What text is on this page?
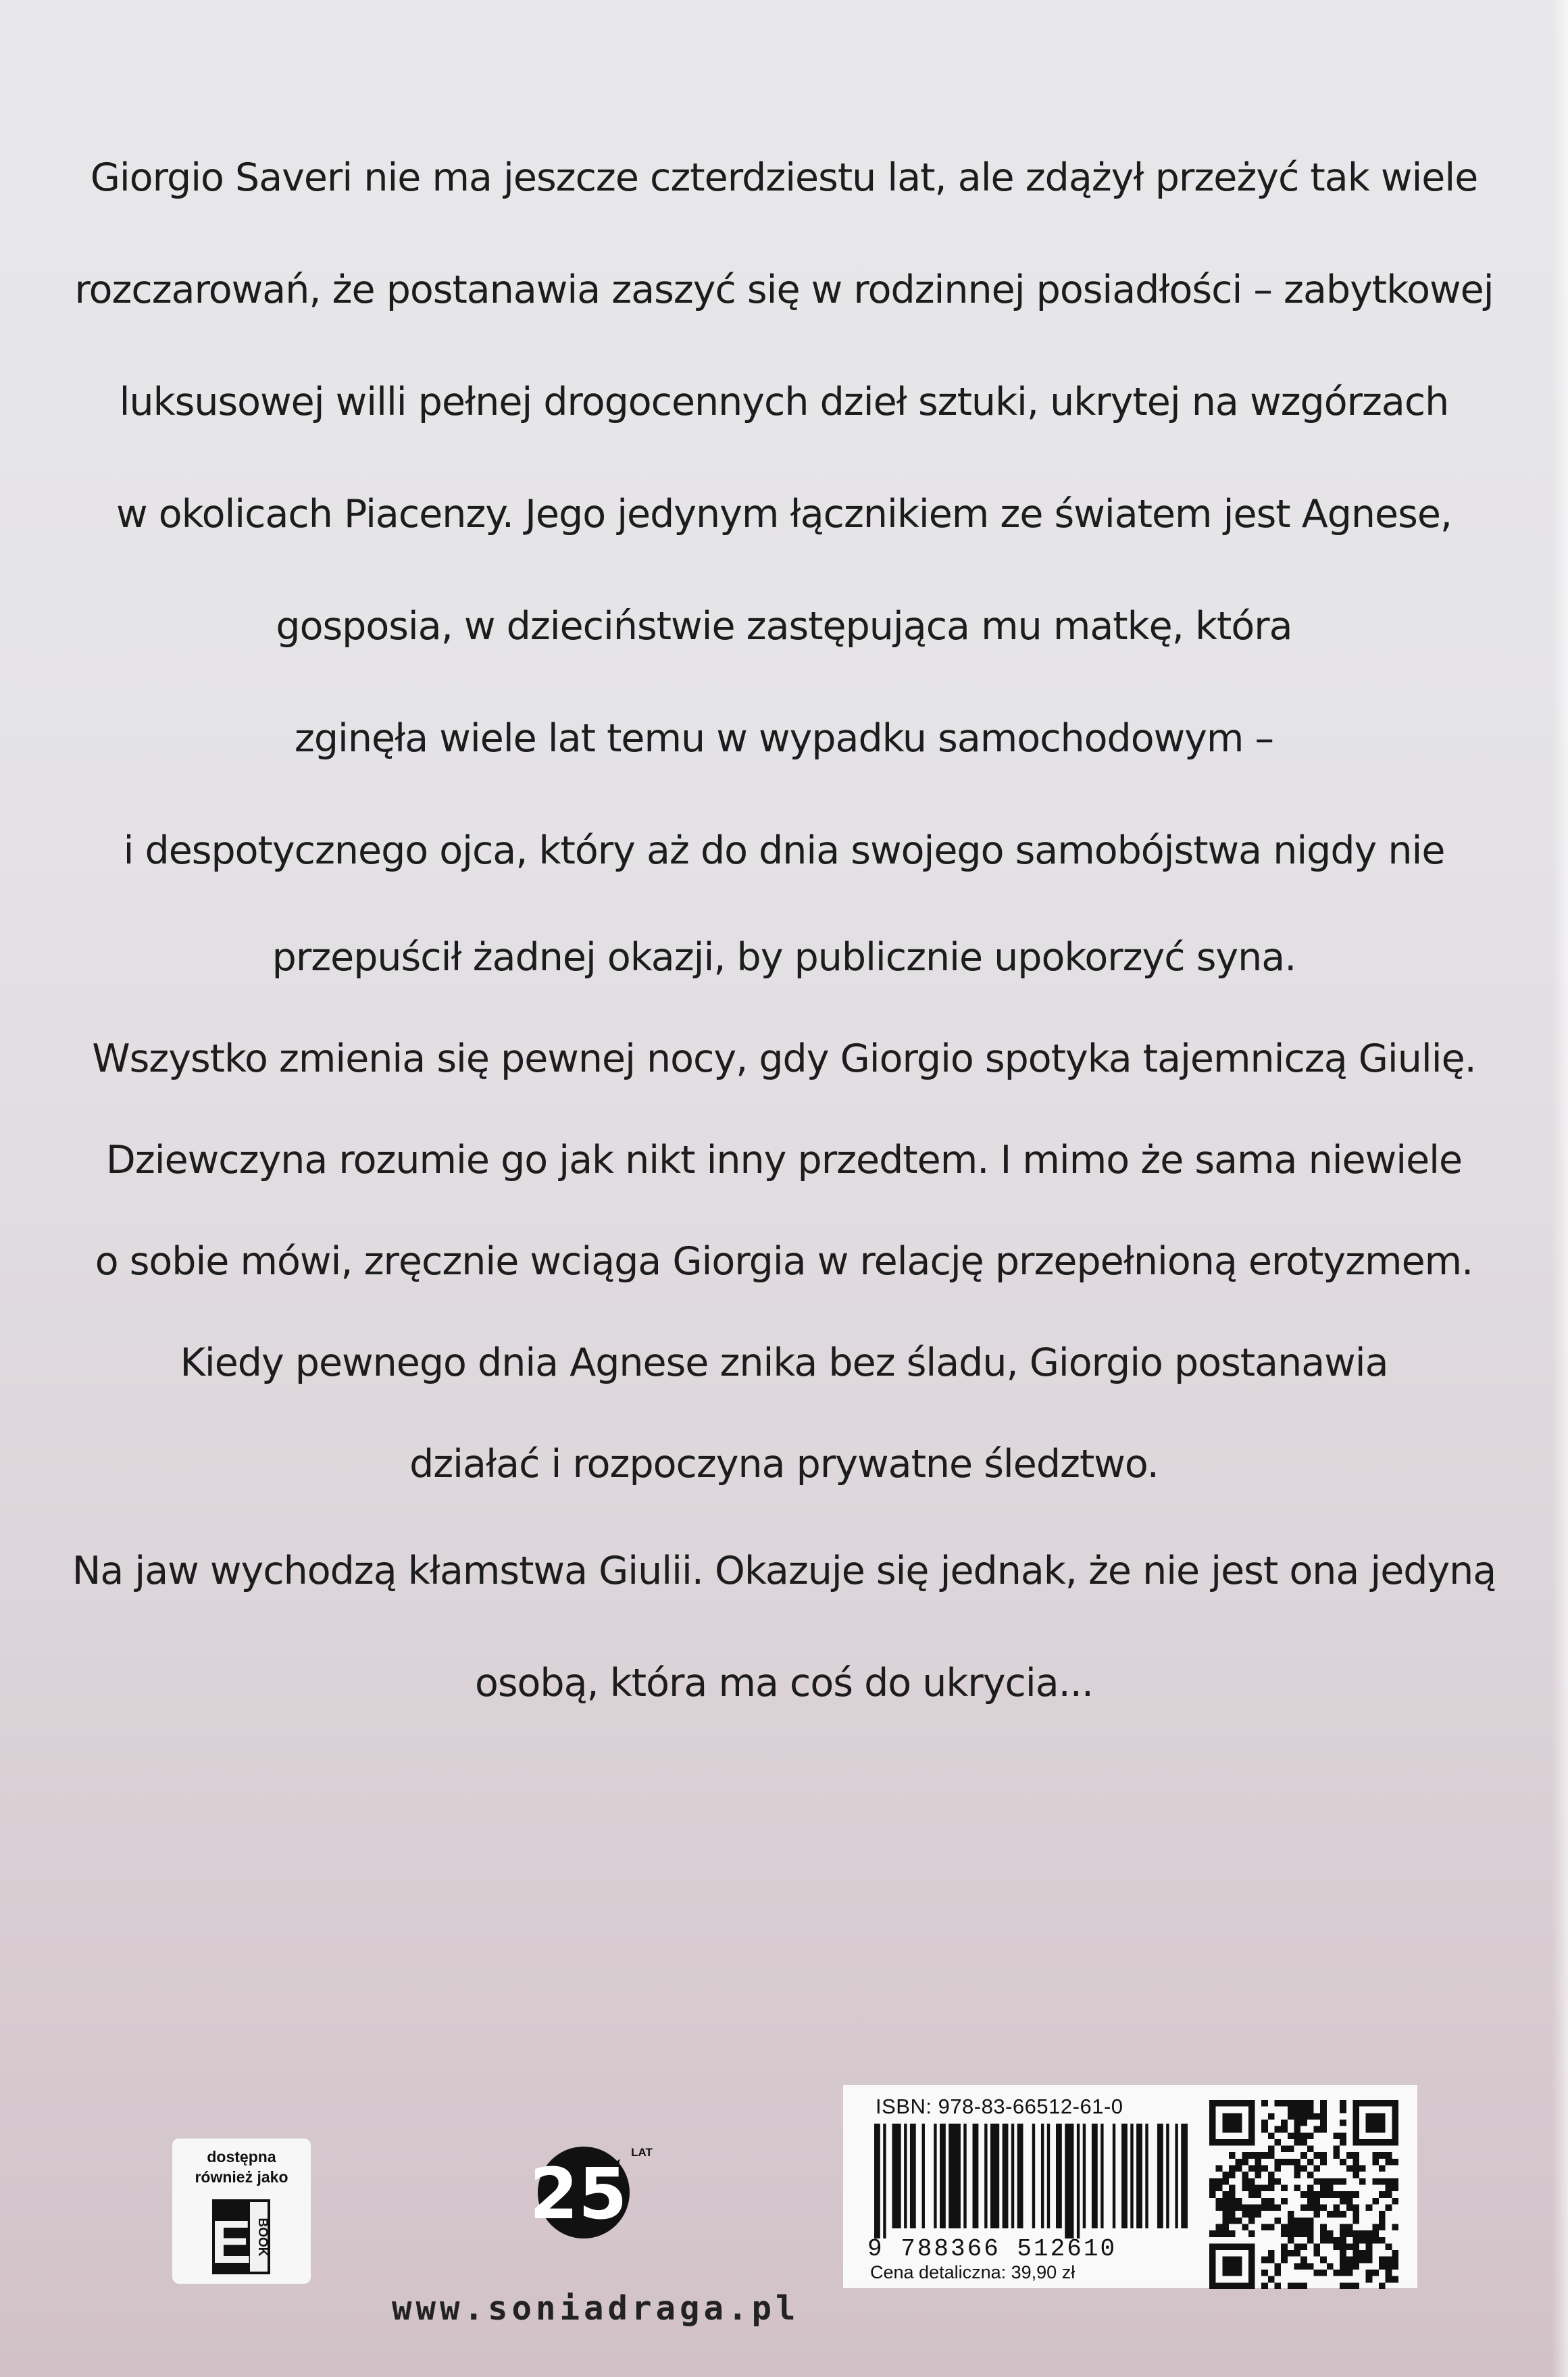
Giorgio Saveri nie ma jeszcze czterdziestu lat, ale zdążył przeżyć tak wiele
rozczarowań, że postanawia zaszyć się w rodzinnej posiadłości – zabytkowej
luksusowej willi pełnej drogocennych dzieł sztuki, ukrytej na wzgórzach
w okolicach Piacenzy. Jego jedynym łącznikiem ze światem jest Agnese,
gosposia, w dzieciństwie zastępująca mu matkę, która
zginęła wiele lat temu w wypadku samochodowym –
i despotycznego ojca, który aż do dnia swojego samobójstwa nigdy nie
przepuścił żadnej okazji, by publicznie upokorzyć syna.
Wszystko zmienia się pewnej nocy, gdy Giorgio spotyka tajemniczą Giulię.
Dziewczyna rozumie go jak nikt inny przedtem. I mimo że sama niewiele
o sobie mówi, zręcznie wciąga Giorgia w relację przepełnioną erotyzmem.
Kiedy pewnego dnia Agnese znika bez śladu, Giorgio postanawia
działać i rozpoczyna prywatne śledztwo.
Na jaw wychodzą kłamstwa Giulii. Okazuje się jednak, że nie jest ona jedyną
osobą, która ma coś do ukrycia...
dostępna
również jako
E BOOK
25
LAT
www.soniadraga.pl
ISBN: 978-83-66512-61-0
9 788366 512610
Cena detaliczna: 39,90 zł
